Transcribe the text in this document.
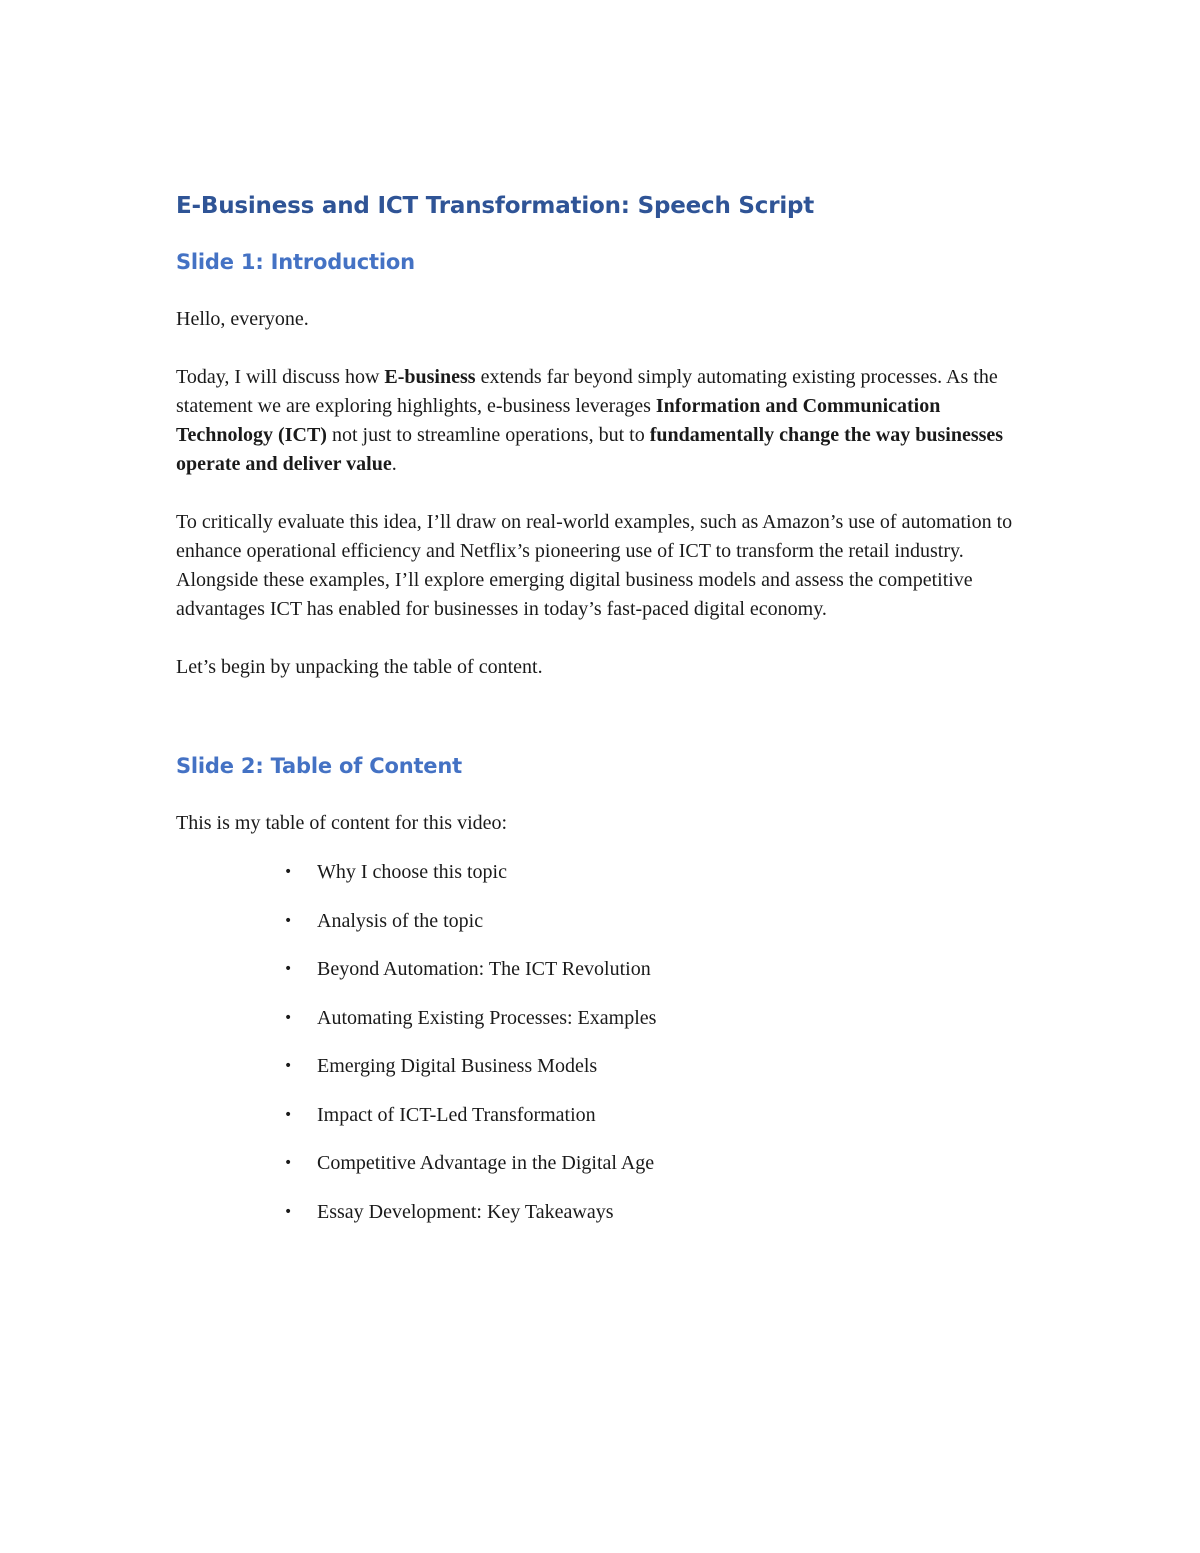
E-Business and ICT Transformation: Speech Script
Slide 1: Introduction

Hello, everyone.

Today, I will discuss how E-business extends far beyond simply automating existing processes. As the statement we are exploring highlights, e-business leverages Information and Communication Technology (ICT) not just to streamline operations, but to fundamentally change the way businesses operate and deliver value.

To critically evaluate this idea, I’ll draw on real-world examples, such as Amazon’s use of automation to enhance operational efficiency and Netflix’s pioneering use of ICT to transform the retail industry. Alongside these examples, I’ll explore emerging digital business models and assess the competitive advantages ICT has enabled for businesses in today’s fast-paced digital economy.

Let’s begin by unpacking the table of content.

Slide 2: Table of Content

This is my table of content for this video:

• Why I choose this topic
• Analysis of the topic
• Beyond Automation: The ICT Revolution
• Automating Existing Processes: Examples
• Emerging Digital Business Models
• Impact of ICT-Led Transformation
• Competitive Advantage in the Digital Age
• Essay Development: Key Takeaways
